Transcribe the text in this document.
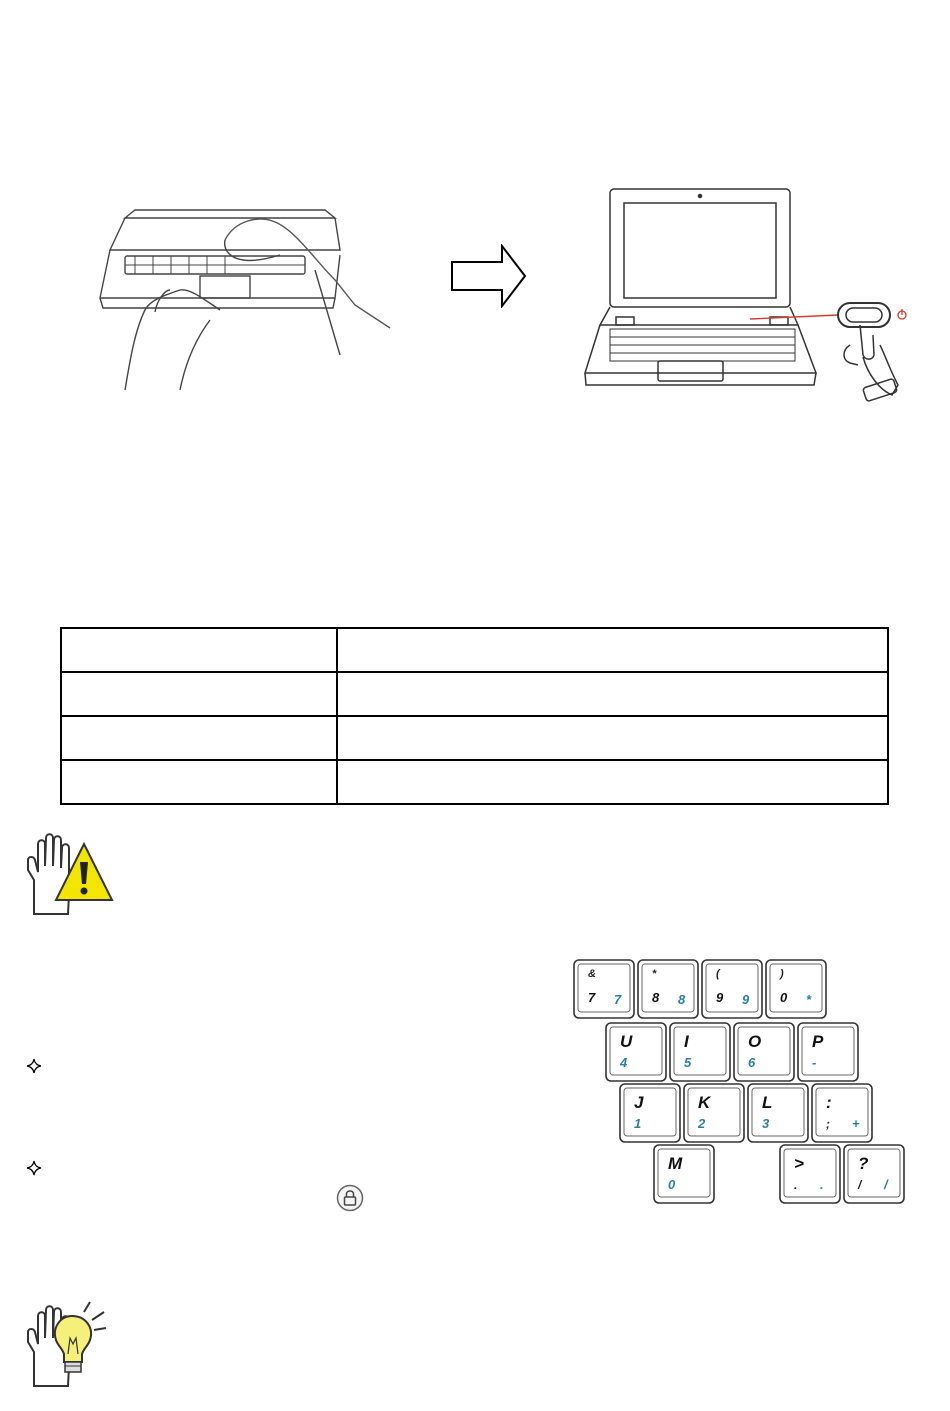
&
7 7
*
8 8
(
9 9
)
0 *
U
4
I
5
O
6
P
-
J
1
K
2
L
3
:
; +
M
0
>
. .
?
/ /
